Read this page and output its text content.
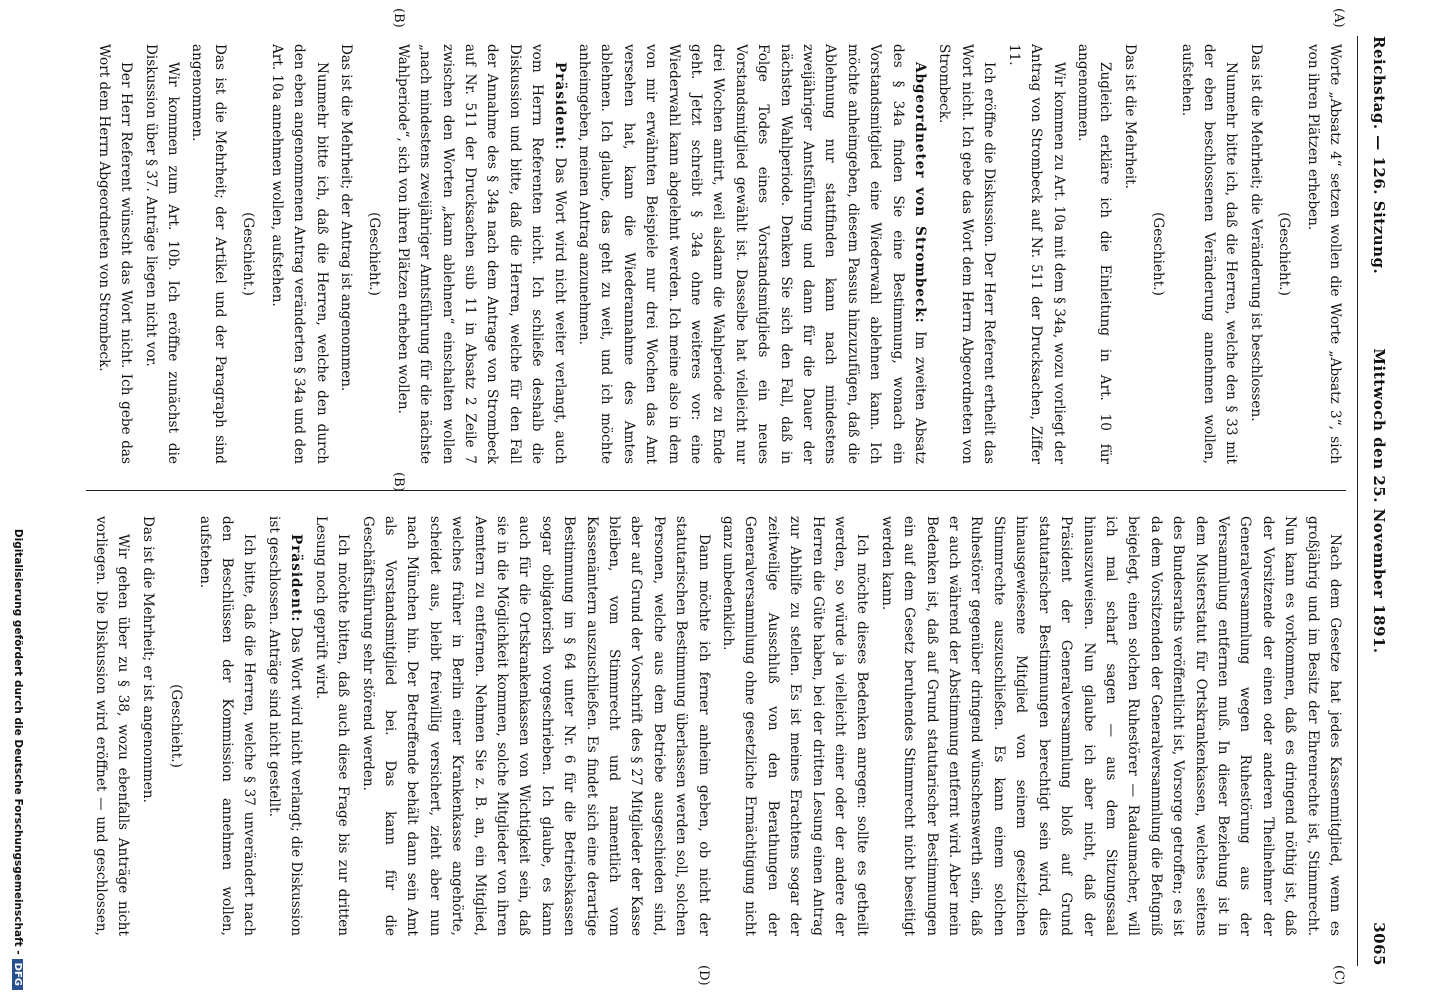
Reichstag. — 126. Sitzung.
Mittwoch den 25. November 1891.
3065
(A)
(B)
(B)
(C)
(D)

Worte „Absatz 4“ setzen wollen die Worte „Absatz 3“, sich von ihren Plätzen erheben.

(Geschieht.)

Das ist die Mehrheit; die Veränderung ist beschlossen.

Nunmehr bitte ich, daß die Herren, welche den § 33 mit der eben beschlossenen Veränderung annehmen wollen, aufstehen.

(Geschieht.)

Das ist die Mehrheit.

Zugleich erkläre ich die Einleitung in Art. 10 für angenommen.

Wir kommen zu Art. 10a mit dem § 34a, wozu vorliegt der Antrag von Strombeck auf Nr. 511 der Drucksachen, Ziffer 11.

Ich eröffne die Diskussion. Der Herr Referent ertheilt das Wort nicht. Ich gebe das Wort dem Herrn Abgeordneten von Strombeck.

Abgeordneter von Strombeck: Im zweiten Absatz des § 34a finden Sie eine Bestimmung, wonach ein Vorstandsmitglied eine Wiederwahl ablehnen kann. Ich möchte anheimgeben, diesem Passus hinzuzufügen, daß die Ablehnung nur stattfinden kann nach mindestens zweijähriger Amtsführung und dann für die Dauer der nächsten Wahlperiode. Denken Sie sich den Fall, daß in Folge Todes eines Vorstandsmitglieds ein neues Vorstandsmitglied gewählt ist. Dasselbe hat vielleicht nur drei Wochen amtirt, weil alsdann die Wahlperiode zu Ende geht. Jetzt schreibt § 34a ohne weiteres vor: eine Wiederwahl kann abgelehnt werden. Ich meine also in dem von mir erwähnten Beispiele nur drei Wochen das Amt versehen hat, kann die Wiederannahme des Amtes ablehnen. Ich glaube, das geht zu weit, und ich möchte anheimgeben, meinen Antrag anzunehmen.

Präsident: Das Wort wird nicht weiter verlangt, auch vom Herrn Referenten nicht. Ich schließe deshalb die Diskussion und bitte, daß die Herren, welche für den Fall der Annahme des § 34a nach dem Antrage von Strombeck auf Nr. 511 der Drucksachen sub 11 in Absatz 2 Zeile 7 zwischen den Worten „kann ablehnen“ einschalten wollen „nach mindestens zweijähriger Amtsführung für die nächste Wahlperiode“, sich von ihren Plätzen erheben wollen.

(Geschieht.)

Das ist die Mehrheit; der Antrag ist angenommen.

Nunmehr bitte ich, daß die Herren, welche den durch den eben angenommenen Antrag veränderten § 34a und den Art. 10a annehmen wollen, aufstehen.

(Geschieht.)

Das ist die Mehrheit; der Artikel und der Paragraph sind angenommen.

Wir kommen zum Art. 10b. Ich eröffne zunächst die Diskussion über § 37. Anträge liegen nicht vor.

Der Herr Referent wünscht das Wort nicht. Ich gebe das Wort dem Herrn Abgeordneten von Strombeck.

Nach dem Gesetze hat jedes Kassenmitglied, wenn es großjährig und im Besitz der Ehrenrechte ist, Stimmrecht. Nun kann es vorkommen, daß es dringend nöthig ist, daß der Vorsitzende der einen oder anderen Theilnehmer der Generalversammlung wegen Ruhestörung aus der Versammlung entfernen muß. In dieser Beziehung ist in dem Musterstatut für Ortskrankenkassen, welches seitens des Bundesraths veröffentlicht ist, Vorsorge getroffen; es ist da dem Vorsitzenden der Generalversammlung die Befugniß beigelegt, einen solchen Ruhestörer — Radaumacher, will ich mal scharf sagen — aus dem Sitzungssaal hinauszuweisen. Nun glaube ich aber nicht, daß der Präsident der Generalversammlung bloß auf Grund statutarischer Bestimmungen berechtigt sein wird, dies hinausgewiesene Mitglied von seinem gesetzlichen Stimmrechte auszuschließen. Es kann einem solchen Ruhestörer gegenüber dringend wünschenswerth sein, daß er auch während der Abstimmung entfernt wird. Aber mein Bedenken ist, daß auf Grund statutarischer Bestimmungen ein auf dem Gesetz beruhendes Stimmrecht nicht beseitigt werden kann.

Ich möchte dieses Bedenken anregen: sollte es getheilt werden, so würde ja vielleicht einer oder der andere der Herren die Güte haben, bei der dritten Lesung einen Antrag zur Abhilfe zu stellen. Es ist meines Erachtens sogar der zeitweilige Ausschluß von den Berathungen der Generalversammlung ohne gesetzliche Ermächtigung nicht ganz unbedenklich.

Dann möchte ich ferner anheim geben, ob nicht der statutarischen Bestimmung überlassen werden soll, solchen Personen, welche aus dem Betriebe ausgeschieden sind, aber auf Grund der Vorschrift des § 27 Mitglieder der Kasse bleiben, vom Stimmrecht und namentlich vom Kassenämtern auszuschließen. Es findet sich eine derartige Bestimmung im § 64 unter Nr. 6 für die Betriebskassen sogar obligatorisch vorgeschrieben. Ich glaube, es kann auch für die Ortskrankenkassen von Wichtigkeit sein, daß sie in die Möglichkeit kommen, solche Mitglieder von ihren Aemtern zu entfernen. Nehmen Sie z. B. an, ein Mitglied, welches früher in Berlin einer Krankenkasse angehörte, scheidet aus, bleibt freiwillig versichert, zieht aber nun nach München hin. Der Betreffende behält dann sein Amt als Vorstandsmitglied bei. Das kann für die Geschäftsführung sehr störend werden.

Ich möchte bitten, daß auch diese Frage bis zur dritten Lesung noch geprüft wird.

Präsident: Das Wort wird nicht verlangt; die Diskussion ist geschlossen. Anträge sind nicht gestellt.

Ich bitte, daß die Herren, welche § 37 unverändert nach den Beschlüssen der Kommission annehmen wollen, aufstehen.

(Geschieht.)

Das ist die Mehrheit; er ist angenommen.

Wir gehen über zu § 38, wozu ebenfalls Anträge nicht vorliegen. Die Diskussion wird eröffnet — und geschlossen,

Digitalisierung gefördert durch die Deutsche Forschungsgemeinschaft -DFG
